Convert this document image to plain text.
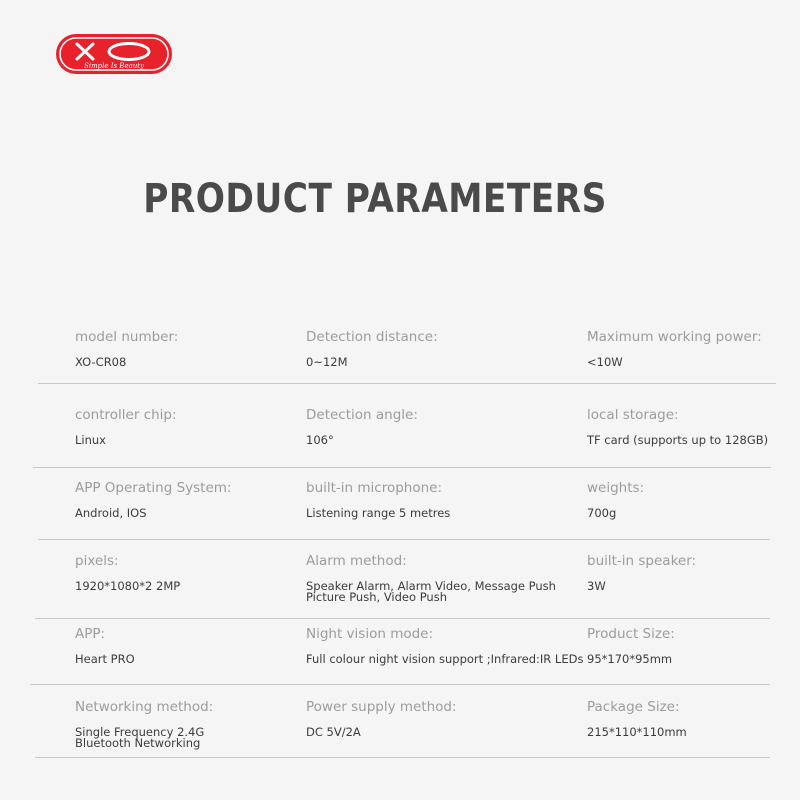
Simple Is Beauty
PRODUCT PARAMETERS
model number:
XO-CR08
Detection distance:
0~12M
Maximum working power:
<10W
controller chip:
Linux
Detection angle:
106°
local storage:
TF card (supports up to 128GB)
APP Operating System:
Android, IOS
built-in microphone:
Listening range 5 metres
weights:
700g
pixels:
1920*1080*2 2MP
Alarm method:
Speaker Alarm, Alarm Video, Message Push
Picture Push, Video Push
built-in speaker:
3W
APP:
Heart PRO
Night vision mode:
Full colour night vision support ;Infrared:IR LEDs
Product Size:
95*170*95mm
Networking method:
Single Frequency 2.4G
Bluetooth Networking
Power supply method:
DC 5V/2A
Package Size:
215*110*110mm
